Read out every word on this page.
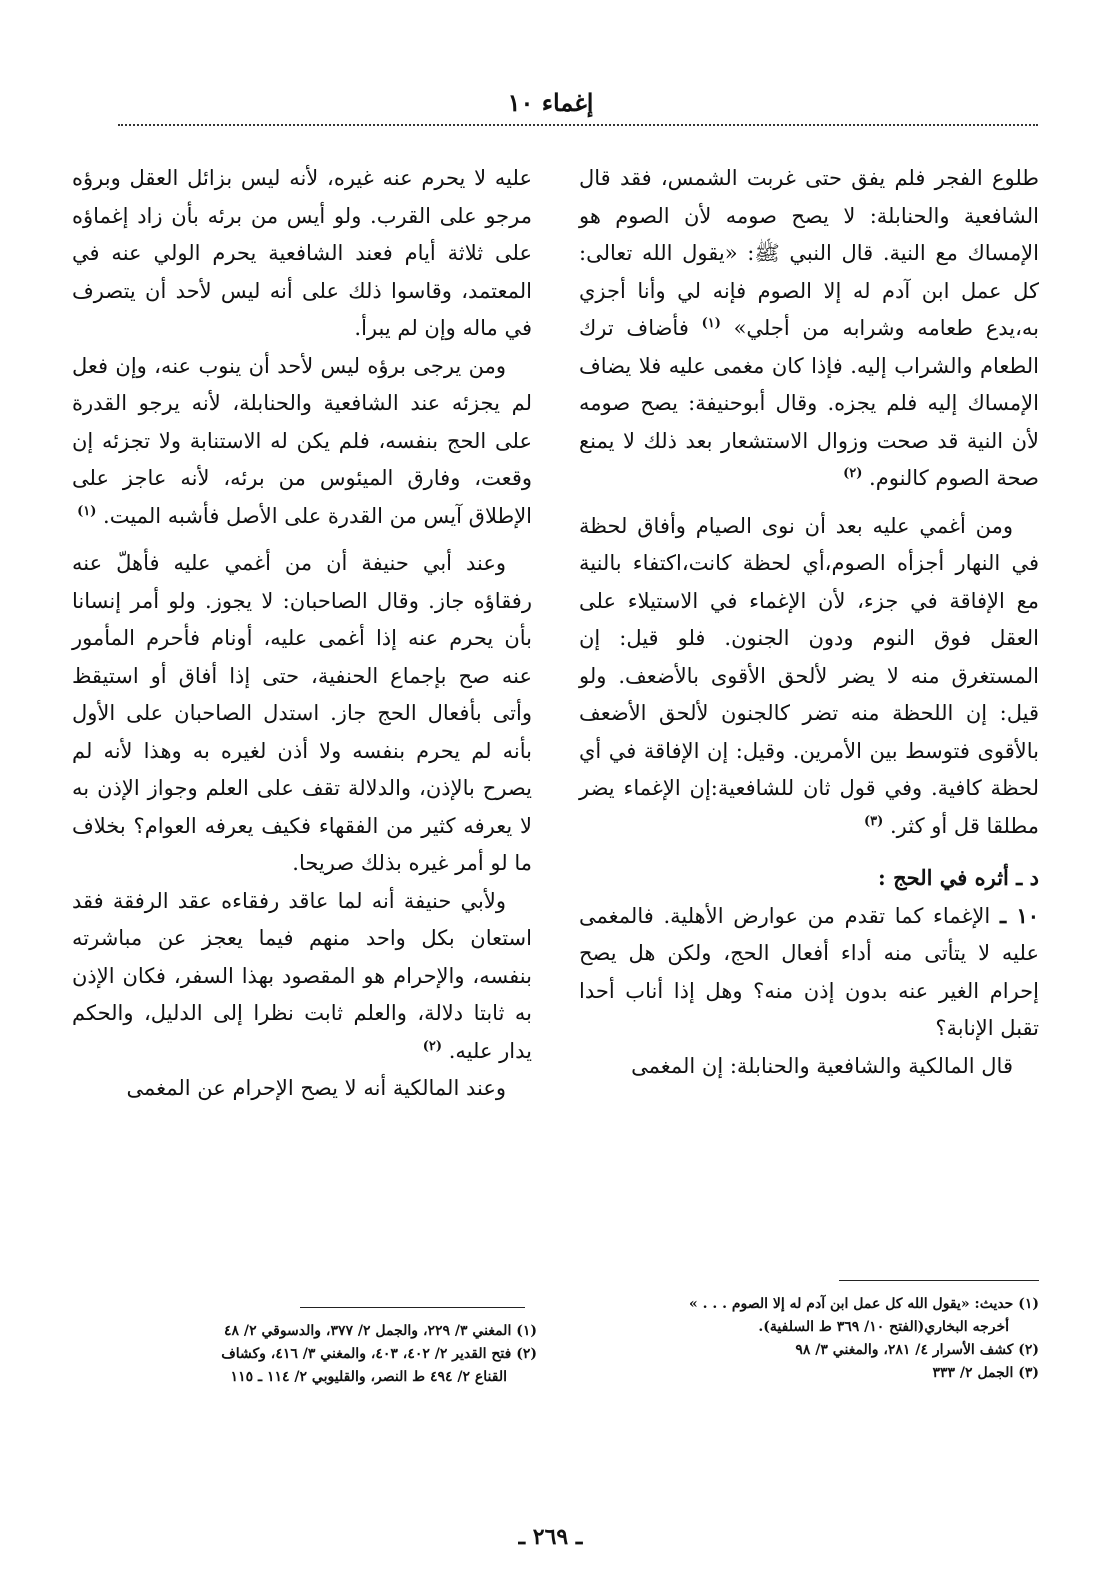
إغماء ١٠

طلوع الفجر فلم يفق حتى غربت الشمس، فقد قال الشافعية والحنابلة: لا يصح صومه لأن الصوم هو الإمساك مع النية. قال النبي ﷺ: «يقول الله تعالى: كل عمل ابن آدم له إلا الصوم فإنه لي وأنا أجزي به،يدع طعامه وشرابه من أجلي» $^{(١)}$ فأضاف ترك الطعام والشراب إليه. فإذا كان مغمى عليه فلا يضاف الإمساك إليه فلم يجزه. وقال أبوحنيفة: يصح صومه لأن النية قد صحت وزوال الاستشعار بعد ذلك لا يمنع صحة الصوم كالنوم. $^{(٢)}$

ومن أغمي عليه بعد أن نوى الصيام وأفاق لحظة في النهار أجزأه الصوم،أي لحظة كانت،اكتفاء بالنية مع الإفاقة في جزء، لأن الإغماء في الاستيلاء على العقل فوق النوم ودون الجنون. فلو قيل: إن المستغرق منه لا يضر لألحق الأقوى بالأضعف. ولو قيل: إن اللحظة منه تضر كالجنون لألحق الأضعف بالأقوى فتوسط بين الأمرين. وقيل: إن الإفاقة في أي لحظة كافية. وفي قول ثان للشافعية:إن الإغماء يضر مطلقا قل أو كثر. $^{(٣)}$

د ـ أثره في الحج :

١٠ ـ الإغماء كما تقدم من عوارض الأهلية. فالمغمى عليه لا يتأتى منه أداء أفعال الحج، ولكن هل يصح إحرام الغير عنه بدون إذن منه؟ وهل إذا أناب أحدا تقبل الإنابة؟

قال المالكية والشافعية والحنابلة: إن المغمى

عليه لا يحرم عنه غيره، لأنه ليس بزائل العقل وبرؤه مرجو على القرب. ولو أيس من برئه بأن زاد إغماؤه على ثلاثة أيام فعند الشافعية يحرم الولي عنه في المعتمد، وقاسوا ذلك على أنه ليس لأحد أن يتصرف في ماله وإن لم يبرأ.

ومن يرجى برؤه ليس لأحد أن ينوب عنه، وإن فعل لم يجزئه عند الشافعية والحنابلة، لأنه يرجو القدرة على الحج بنفسه، فلم يكن له الاستنابة ولا تجزئه إن وقعت، وفارق الميئوس من برئه، لأنه عاجز على الإطلاق آيس من القدرة على الأصل فأشبه الميت. $^{(١)}$

وعند أبي حنيفة أن من أغمي عليه فأهلّ عنه رفقاؤه جاز. وقال الصاحبان: لا يجوز. ولو أمر إنسانا بأن يحرم عنه إذا أغمى عليه، أونام فأحرم المأمور عنه صح بإجماع الحنفية، حتى إذا أفاق أو استيقظ وأتى بأفعال الحج جاز. استدل الصاحبان على الأول بأنه لم يحرم بنفسه ولا أذن لغيره به وهذا لأنه لم يصرح بالإذن، والدلالة تقف على العلم وجواز الإذن به لا يعرفه كثير من الفقهاء فكيف يعرفه العوام؟ بخلاف ما لو أمر غيره بذلك صريحا.

ولأبي حنيفة أنه لما عاقد رفقاءه عقد الرفقة فقد استعان بكل واحد منهم فيما يعجز عن مباشرته بنفسه، والإحرام هو المقصود بهذا السفر، فكان الإذن به ثابتا دلالة، والعلم ثابت نظرا إلى الدليل، والحكم يدار عليه. $^{(٢)}$

وعند المالكية أنه لا يصح الإحرام عن المغمى

(١) حديث: «يقول الله كل عمل ابن آدم له إلا الصوم . . . »

أخرجه البخاري(الفتح ١٠/ ٣٦٩ ط السلفية).

(٢) كشف الأسرار ٤/ ٢٨١، والمغني ٣/ ٩٨

(٣) الجمل ٢/ ٣٣٣

(١) المغني ٣/ ٢٢٩، والجمل ٢/ ٣٧٧، والدسوقي ٢/ ٤٨

(٢) فتح القدير ٢/ ٤٠٢، ٤٠٣، والمغني ٣/ ٤١٦، وكشاف

القناع ٢/ ٤٩٤ ط النصر، والقليوبي ٢/ ١١٤ ـ ١١٥

ـ ٢٦٩ ـ
